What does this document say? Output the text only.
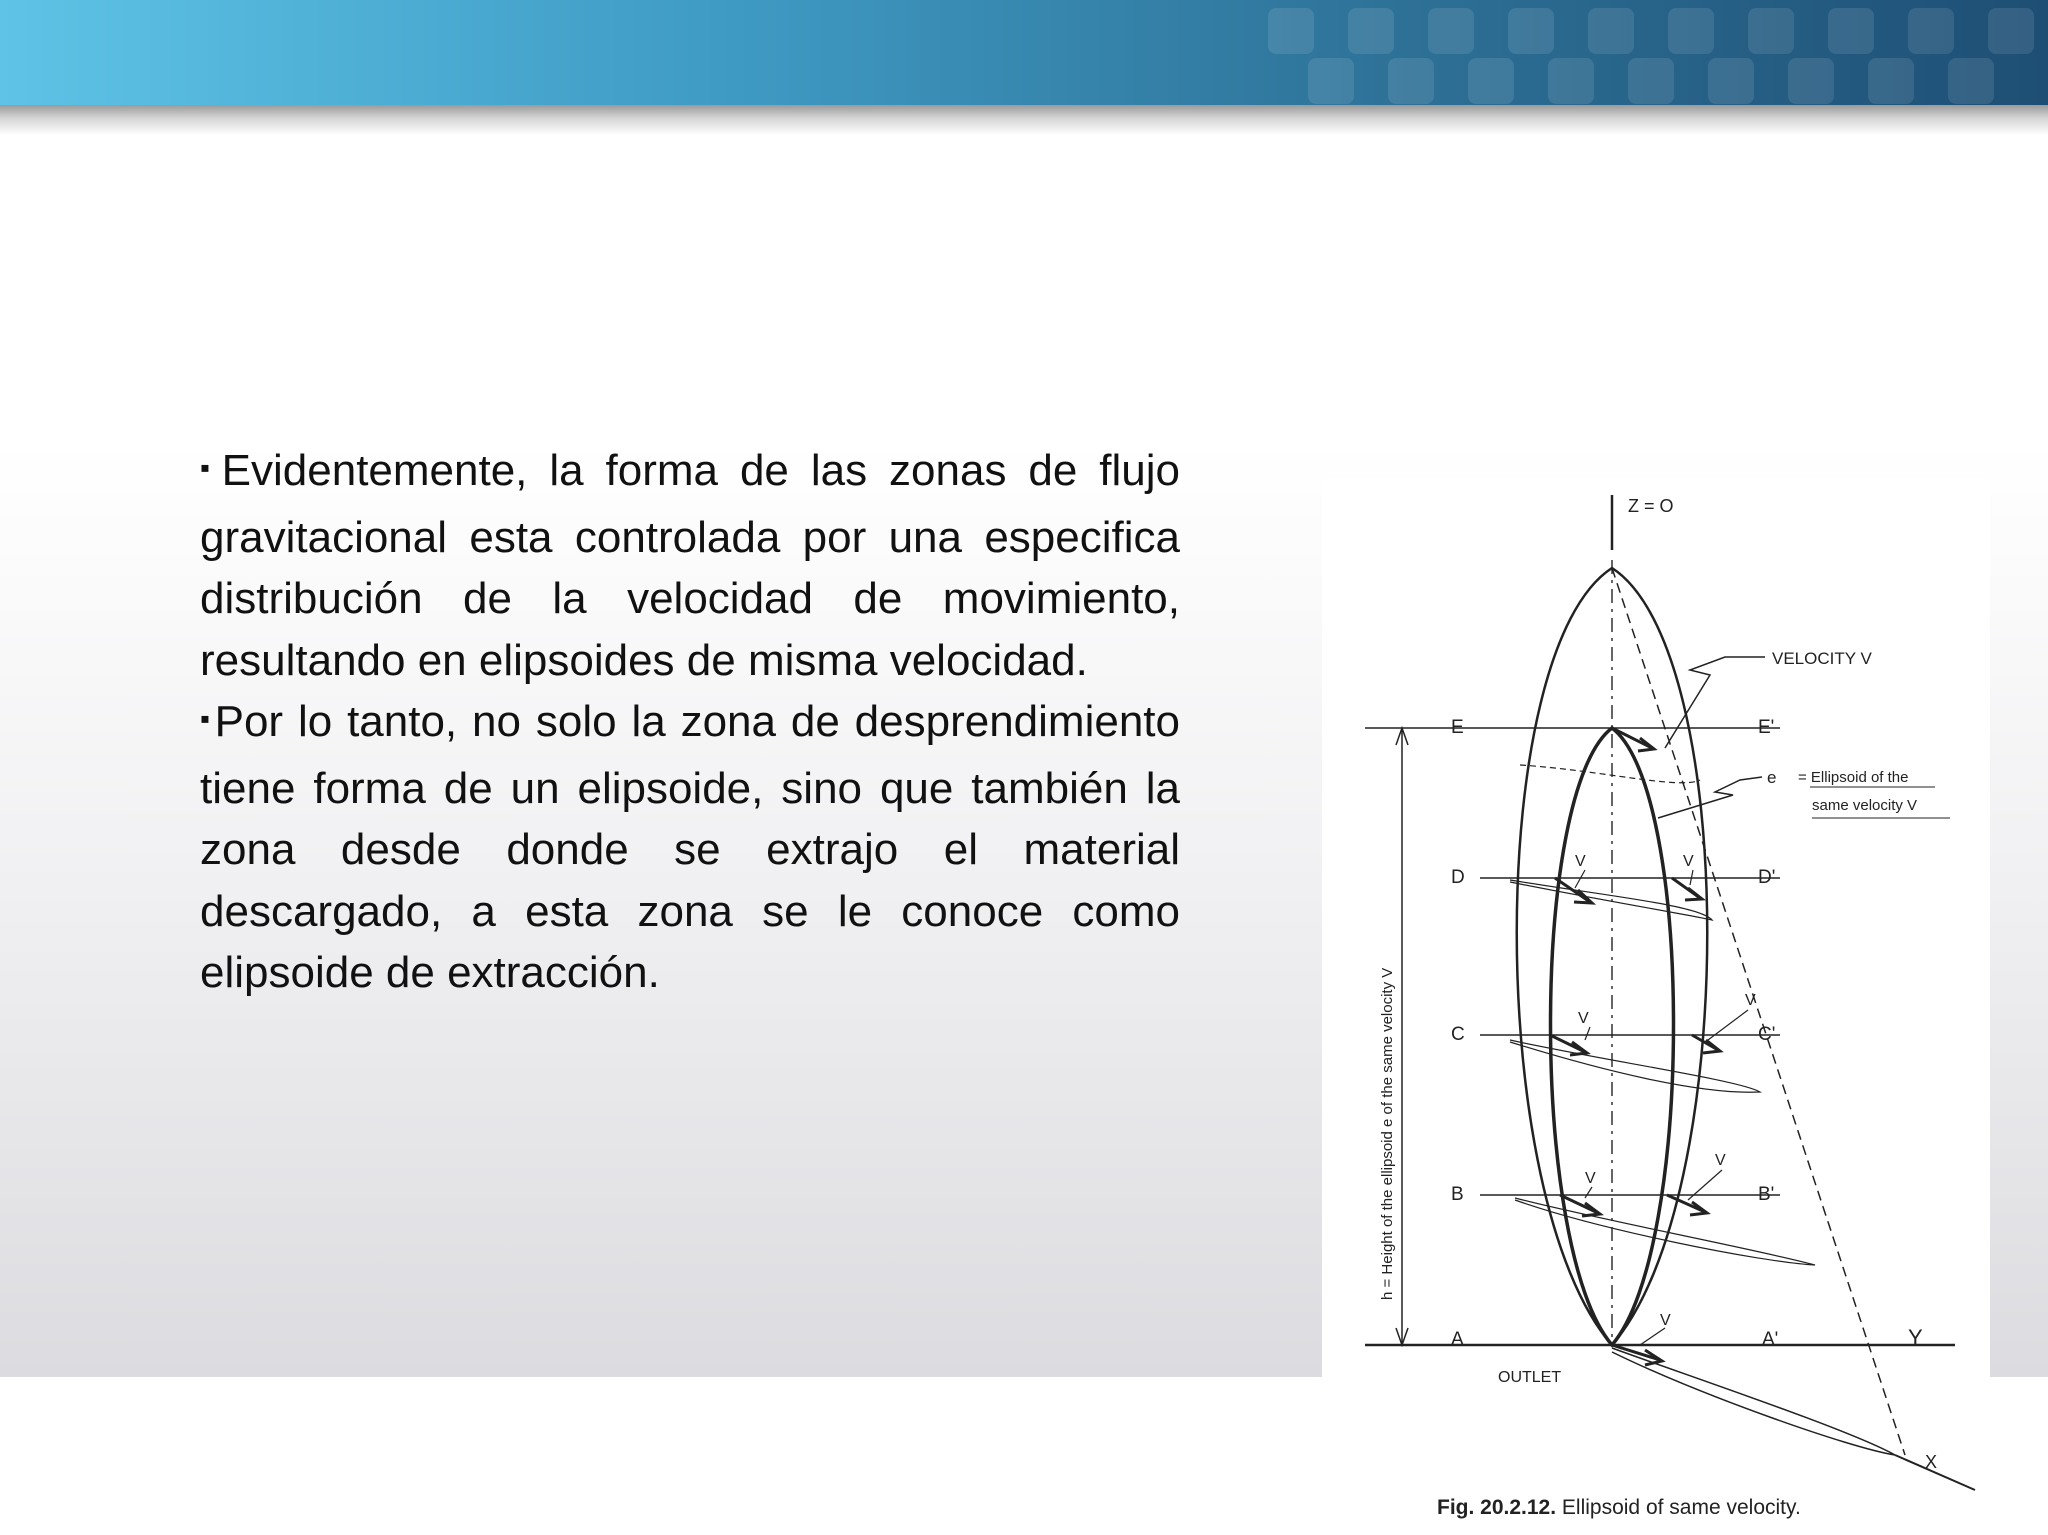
▪Evidentemente, la forma de las zonas de flujo gravitacional esta controlada por una especifica distribución de la velocidad de movimiento, resultando en elipsoides de misma velocidad.

▪Por lo tanto, no solo la zona de desprendimiento tiene forma de un elipsoide, sino que también la zona desde donde se extrajo el material descargado, a esta zona se le conoce como elipsoide de extracción.

Z = O
h = Height of the ellipsoid e of the same velocity V
E
D
C
B
A
E'
D'
C'
B'
A'
V	V
V
V
V
V
V
VELOCITY V
e = Ellipsoid of the
same velocity V
OUTLET
Y
X
Fig. 20.2.12. Ellipsoid of same velocity.
